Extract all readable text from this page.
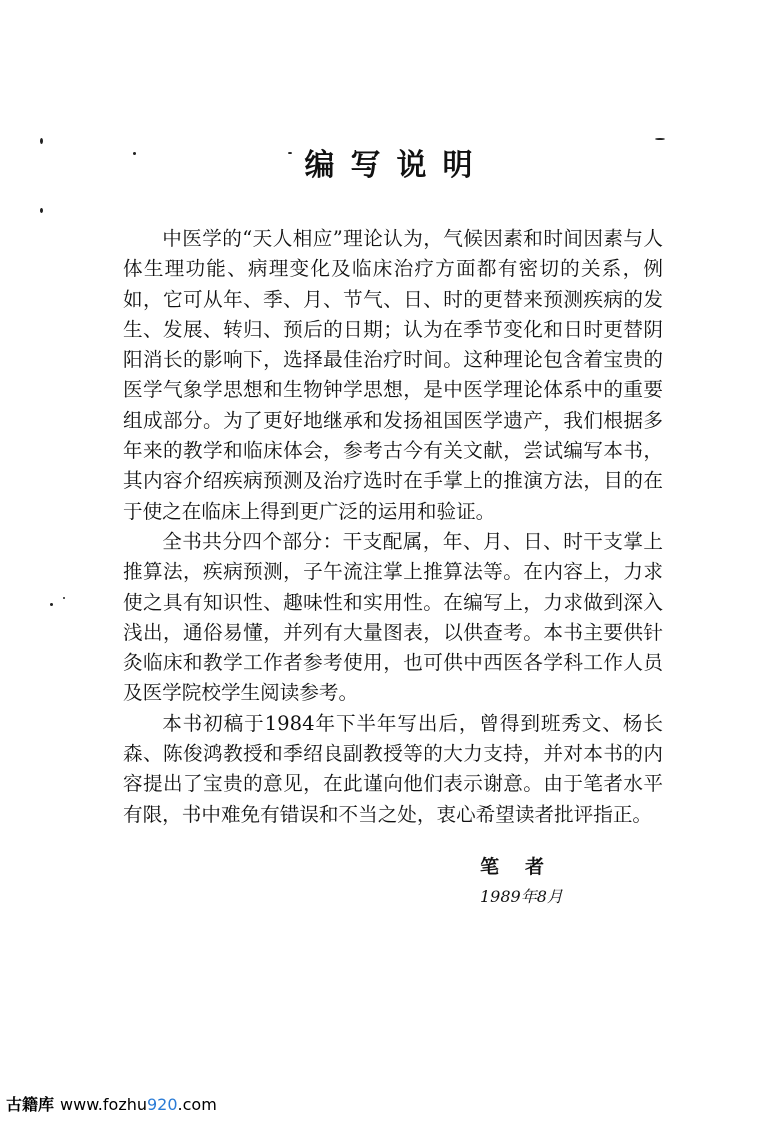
编写说明

中医学的“天人相应”理论认为，气候因素和时间因素与人体生理功能、病理变化及临床治疗方面都有密切的关系，例如，它可从年、季、月、节气、日、时的更替来预测疾病的发生、发展、转归、预后的日期；认为在季节变化和日时更替阴阳消长的影响下，选择最佳治疗时间。这种理论包含着宝贵的医学气象学思想和生物钟学思想，是中医学理论体系中的重要组成部分。为了更好地继承和发扬祖国医学遗产，我们根据多年来的教学和临床体会，参考古今有关文献，尝试编写本书，其内容介绍疾病预测及治疗选时在手掌上的推演方法，目的在于使之在临床上得到更广泛的运用和验证。

全书共分四个部分：干支配属，年、月、日、时干支掌上推算法，疾病预测，子午流注掌上推算法等。在内容上，力求使之具有知识性、趣味性和实用性。在编写上，力求做到深入浅出，通俗易懂，并列有大量图表，以供查考。本书主要供针灸临床和教学工作者参考使用，也可供中西医各学科工作人员及医学院校学生阅读参考。

本书初稿于1984年下半年写出后，曾得到班秀文、杨长森、陈俊鸿教授和季绍良副教授等的大力支持，并对本书的内容提出了宝贵的意见，在此谨向他们表示谢意。由于笔者水平有限，书中难免有错误和不当之处，衷心希望读者批评指正。

笔者
1989年8月
古籍库 www.fozhu920.com
